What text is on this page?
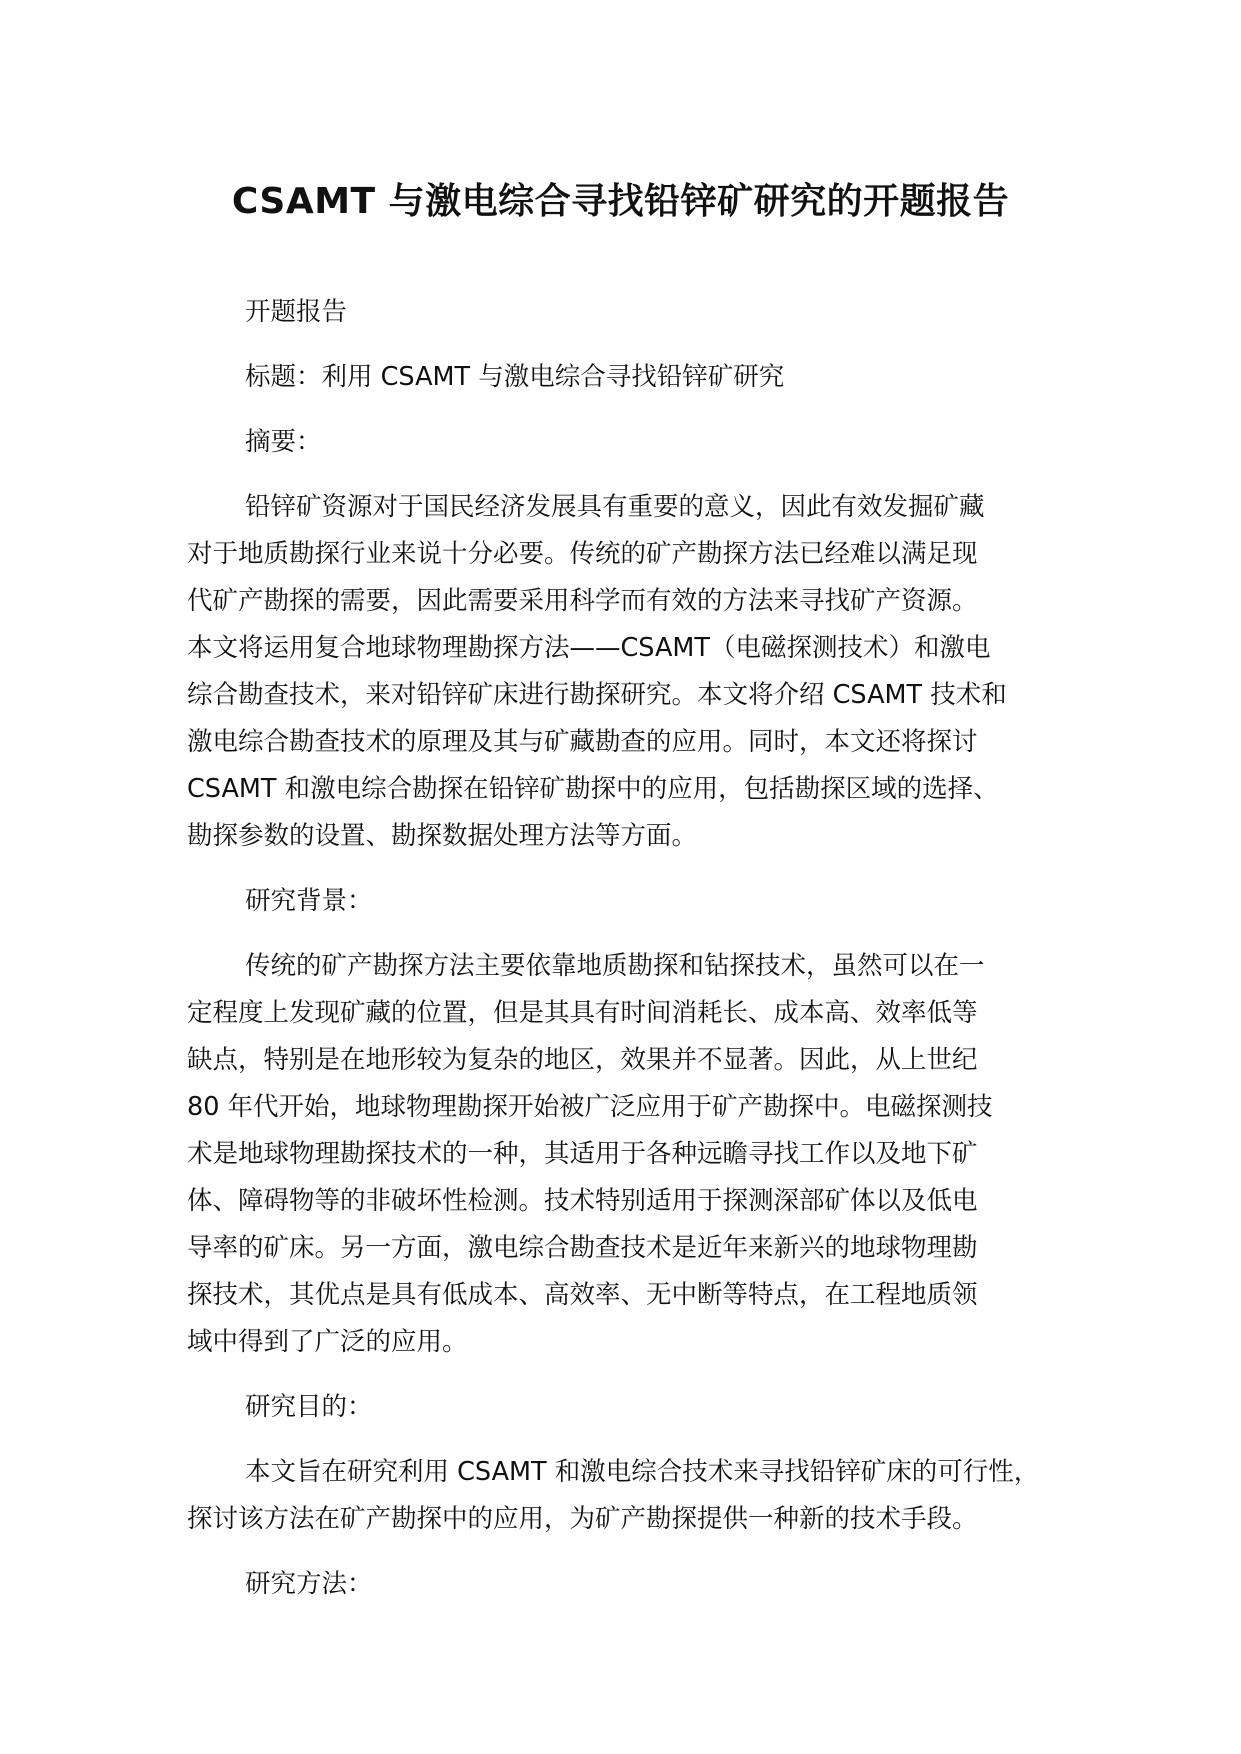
CSAMT 与激电综合寻找铅锌矿研究的开题报告
开题报告
标题：利用 CSAMT 与激电综合寻找铅锌矿研究
摘要：
铅锌矿资源对于国民经济发展具有重要的意义，因此有效发掘矿藏
对于地质勘探行业来说十分必要。传统的矿产勘探方法已经难以满足现
代矿产勘探的需要，因此需要采用科学而有效的方法来寻找矿产资源。
本文将运用复合地球物理勘探方法——CSAMT（电磁探测技术）和激电
综合勘查技术，来对铅锌矿床进行勘探研究。本文将介绍 CSAMT 技术和
激电综合勘查技术的原理及其与矿藏勘查的应用。同时，本文还将探讨
CSAMT 和激电综合勘探在铅锌矿勘探中的应用，包括勘探区域的选择、
勘探参数的设置、勘探数据处理方法等方面。
研究背景：
传统的矿产勘探方法主要依靠地质勘探和钻探技术，虽然可以在一
定程度上发现矿藏的位置，但是其具有时间消耗长、成本高、效率低等
缺点，特别是在地形较为复杂的地区，效果并不显著。因此，从上世纪
80 年代开始，地球物理勘探开始被广泛应用于矿产勘探中。电磁探测技
术是地球物理勘探技术的一种，其适用于各种远瞻寻找工作以及地下矿
体、障碍物等的非破坏性检测。技术特别适用于探测深部矿体以及低电
导率的矿床。另一方面，激电综合勘查技术是近年来新兴的地球物理勘
探技术，其优点是具有低成本、高效率、无中断等特点，在工程地质领
域中得到了广泛的应用。
研究目的：
本文旨在研究利用 CSAMT 和激电综合技术来寻找铅锌矿床的可行性，
探讨该方法在矿产勘探中的应用，为矿产勘探提供一种新的技术手段。
研究方法：
